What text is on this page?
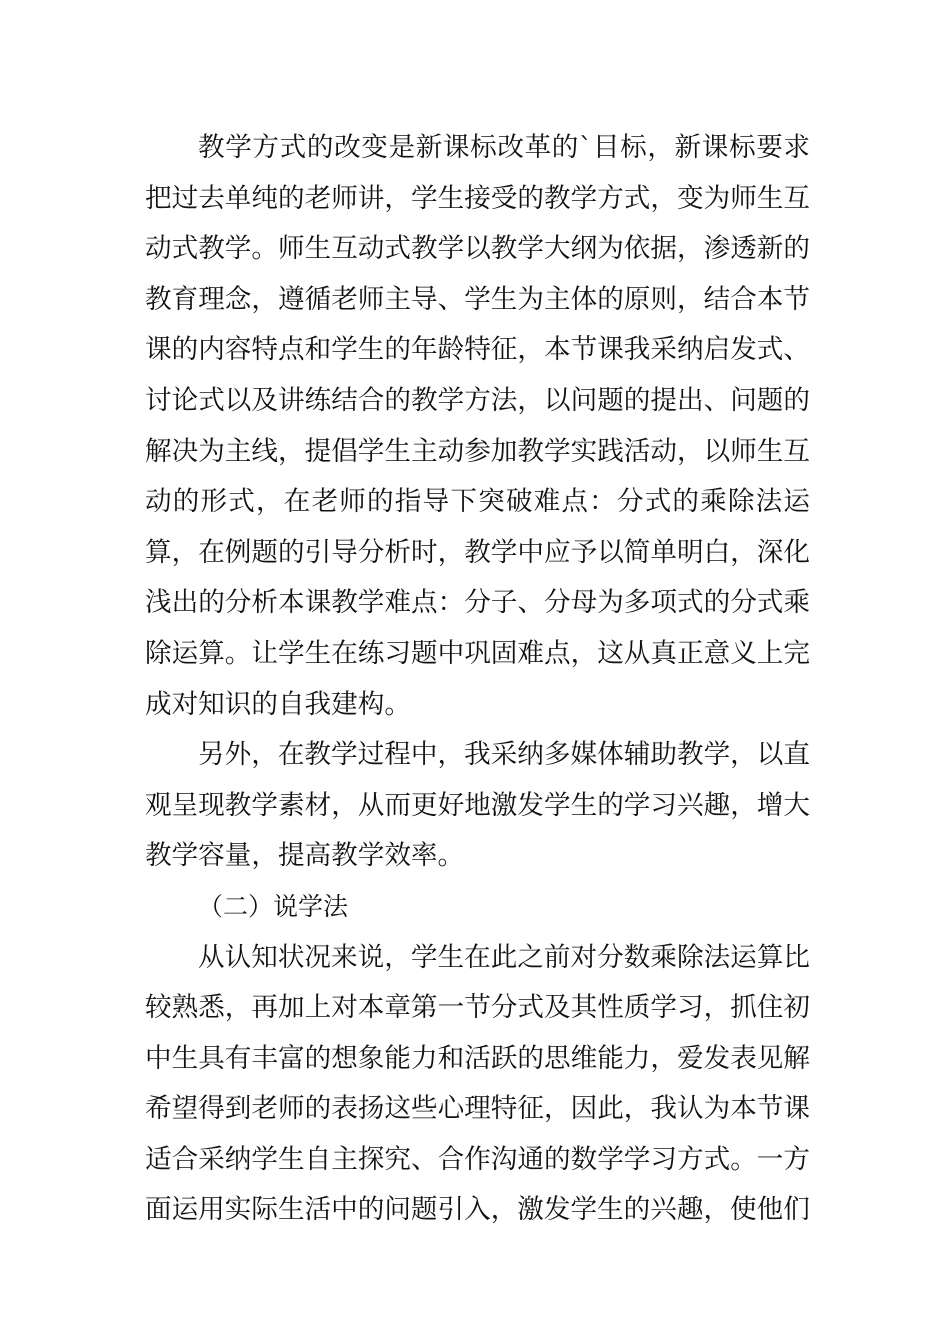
教学方式的改变是新课标改革的`目标，新课标要求把过去单纯的老师讲，学生接受的教学方式，变为师生互动式教学。师生互动式教学以教学大纲为依据，渗透新的教育理念，遵循老师主导、学生为主体的原则，结合本节课的内容特点和学生的年龄特征，本节课我采纳启发式、讨论式以及讲练结合的教学方法，以问题的提出、问题的解决为主线，提倡学生主动参加教学实践活动，以师生互动的形式，在老师的指导下突破难点：分式的乘除法运算，在例题的引导分析时，教学中应予以简单明白，深化浅出的分析本课教学难点：分子、分母为多项式的分式乘除运算。让学生在练习题中巩固难点，这从真正意义上完成对知识的自我建构。

另外，在教学过程中，我采纳多媒体辅助教学，以直观呈现教学素材，从而更好地激发学生的学习兴趣，增大教学容量，提高教学效率。

（二）说学法

从认知状况来说，学生在此之前对分数乘除法运算比较熟悉，再加上对本章第一节分式及其性质学习，抓住初中生具有丰富的想象能力和活跃的思维能力，爱发表见解希望得到老师的表扬这些心理特征，因此，我认为本节课适合采纳学生自主探究、合作沟通的数学学习方式。一方面运用实际生活中的问题引入，激发学生的兴趣，使他们
